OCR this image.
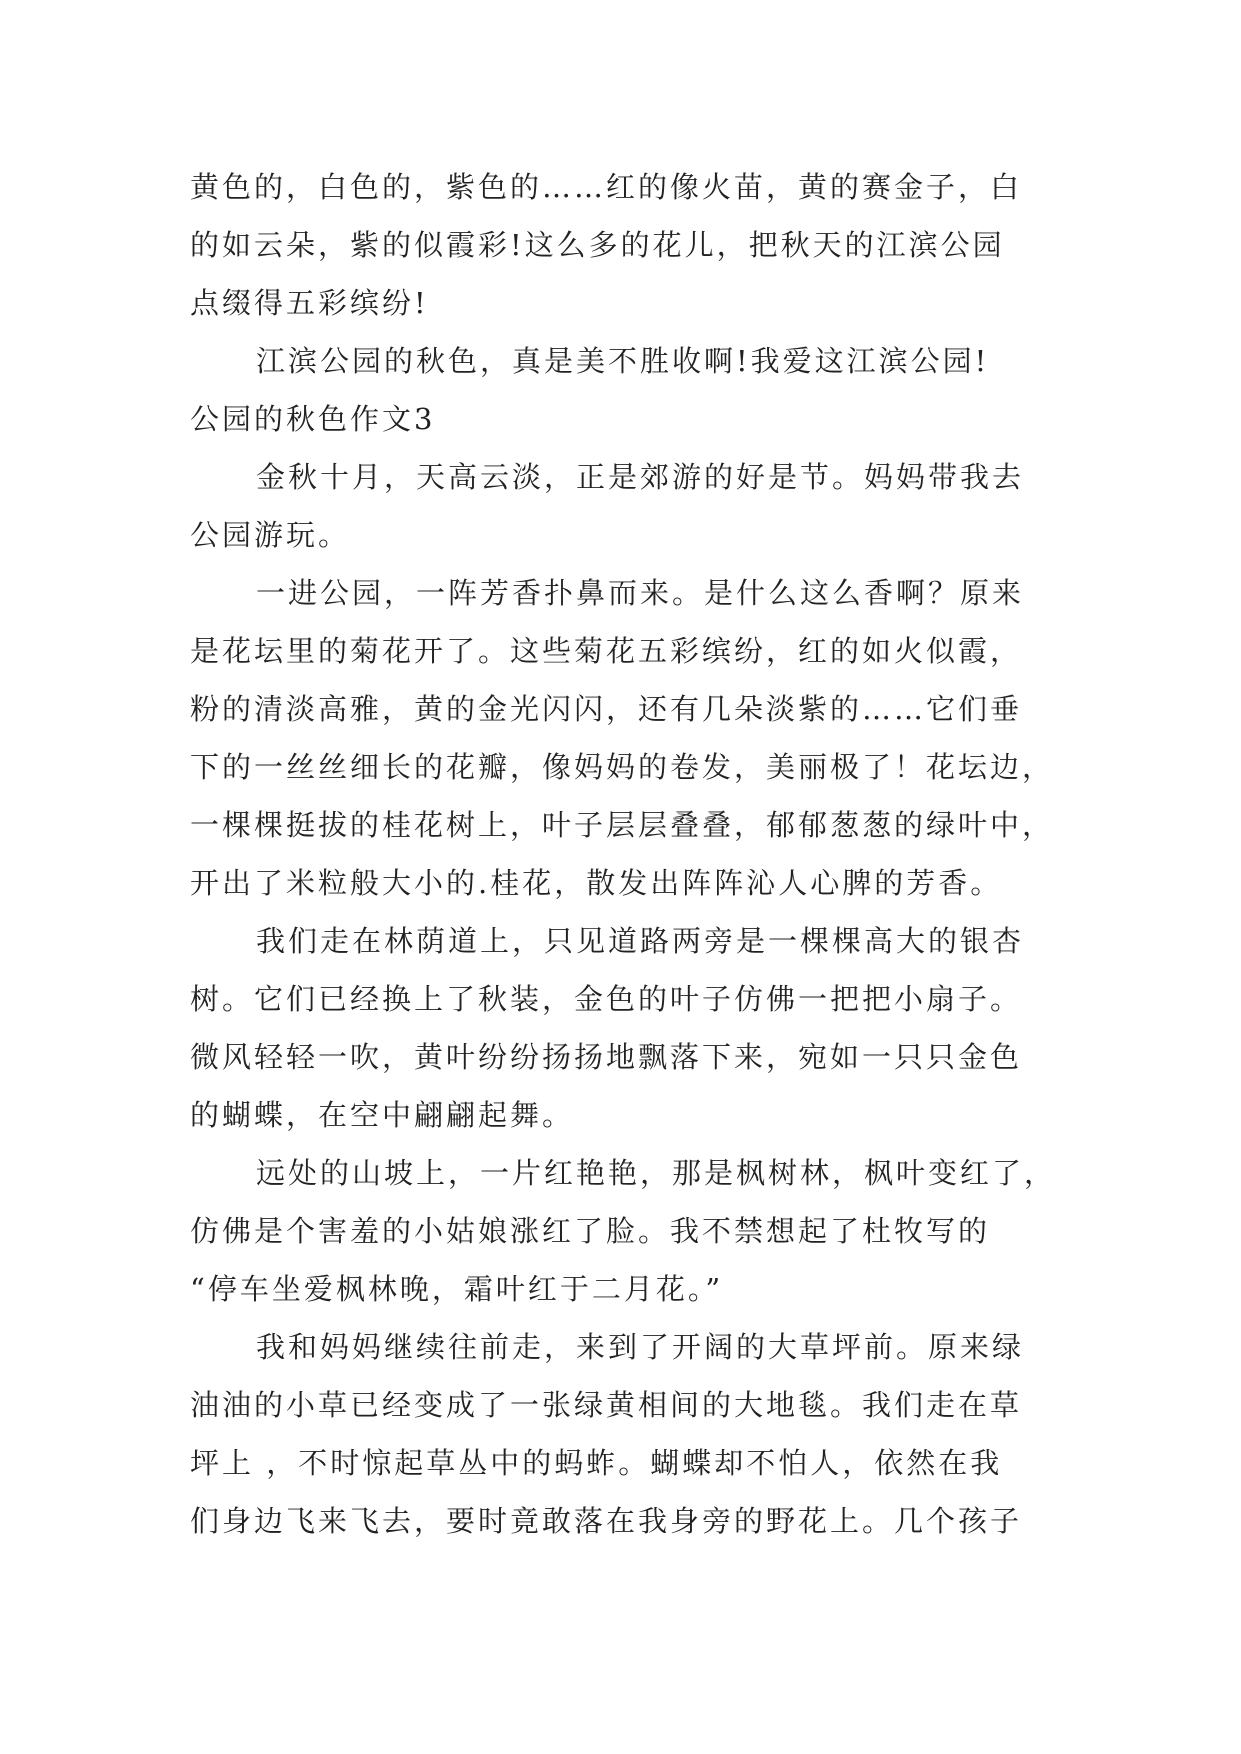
黄色的，白色的，紫色的……红的像火苗，黄的赛金子，白
的如云朵，紫的似霞彩!这么多的花儿，把秋天的江滨公园
点缀得五彩缤纷!
江滨公园的秋色，真是美不胜收啊!我爱这江滨公园!
公园的秋色作文3
金秋十月，天高云淡，正是郊游的好是节。妈妈带我去
公园游玩。
一进公园，一阵芳香扑鼻而来。是什么这么香啊？原来
是花坛里的菊花开了。这些菊花五彩缤纷，红的如火似霞，
粉的清淡高雅，黄的金光闪闪，还有几朵淡紫的……它们垂
下的一丝丝细长的花瓣，像妈妈的卷发，美丽极了！花坛边，
一棵棵挺拔的桂花树上，叶子层层叠叠，郁郁葱葱的绿叶中，
开出了米粒般大小的.桂花，散发出阵阵沁人心脾的芳香。
我们走在林荫道上，只见道路两旁是一棵棵高大的银杏
树。它们已经换上了秋装，金色的叶子仿佛一把把小扇子。
微风轻轻一吹，黄叶纷纷扬扬地飘落下来，宛如一只只金色
的蝴蝶，在空中翩翩起舞。
远处的山坡上，一片红艳艳，那是枫树林，枫叶变红了，
仿佛是个害羞的小姑娘涨红了脸。我不禁想起了杜牧写的
“停车坐爱枫林晚，霜叶红于二月花。”
我和妈妈继续往前走，来到了开阔的大草坪前。原来绿
油油的小草已经变成了一张绿黄相间的大地毯。我们走在草
坪上 ，不时惊起草丛中的蚂蚱。蝴蝶却不怕人，依然在我
们身边飞来飞去，要时竟敢落在我身旁的野花上。几个孩子
